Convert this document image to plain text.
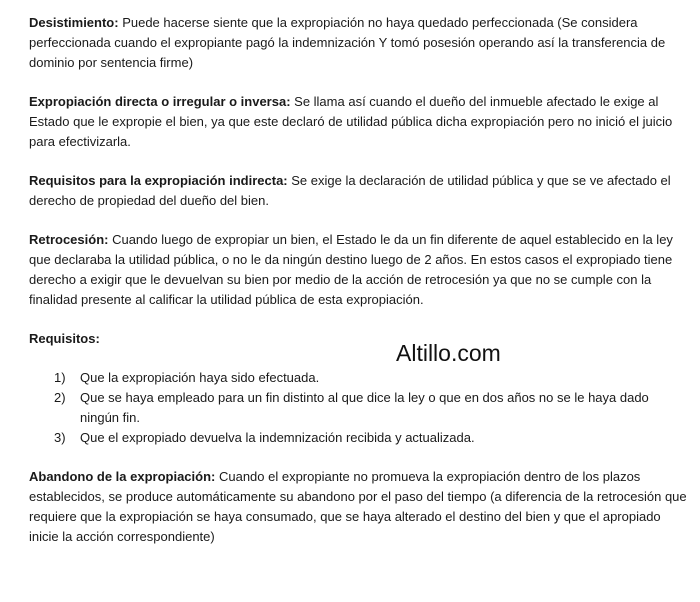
Desistimiento: Puede hacerse siente que la expropiación no haya quedado perfeccionada (Se considera perfeccionada cuando el expropiante pagó la indemnización Y tomó posesión operando así la transferencia de dominio por sentencia firme)

Expropiación directa o irregular o inversa: Se llama así cuando el dueño del inmueble afectado le exige al Estado que le expropie el bien, ya que este declaró de utilidad pública dicha expropiación pero no inició el juicio para efectivizarla.

Requisitos para la expropiación indirecta: Se exige la declaración de utilidad pública y que se ve afectado el derecho de propiedad del dueño del bien.

Retrocesión: Cuando luego de expropiar un bien, el Estado le da un fin diferente de aquel establecido en la ley que declaraba la utilidad pública, o no le da ningún destino luego de 2 años. En estos casos el expropiado tiene derecho a exigir que le devuelvan su bien por medio de la acción de retrocesión ya que no se cumple con la finalidad presente al calificar la utilidad pública de esta expropiación.

Requisitos:

1)	Que la expropiación haya sido efectuada.
2)	Que se haya empleado para un fin distinto al que dice la ley o que en dos años no se le haya dado ningún fin.
3)	Que el expropiado devuelva la indemnización recibida y actualizada.

Abandono de la expropiación: Cuando el expropiante no promueva la expropiación dentro de los plazos establecidos, se produce automáticamente su abandono por el paso del tiempo (a diferencia de la retrocesión que requiere que la expropiación se haya consumado, que se haya alterado el destino del bien y que el apropiado inicie la acción correspondiente)

Altillo.com
